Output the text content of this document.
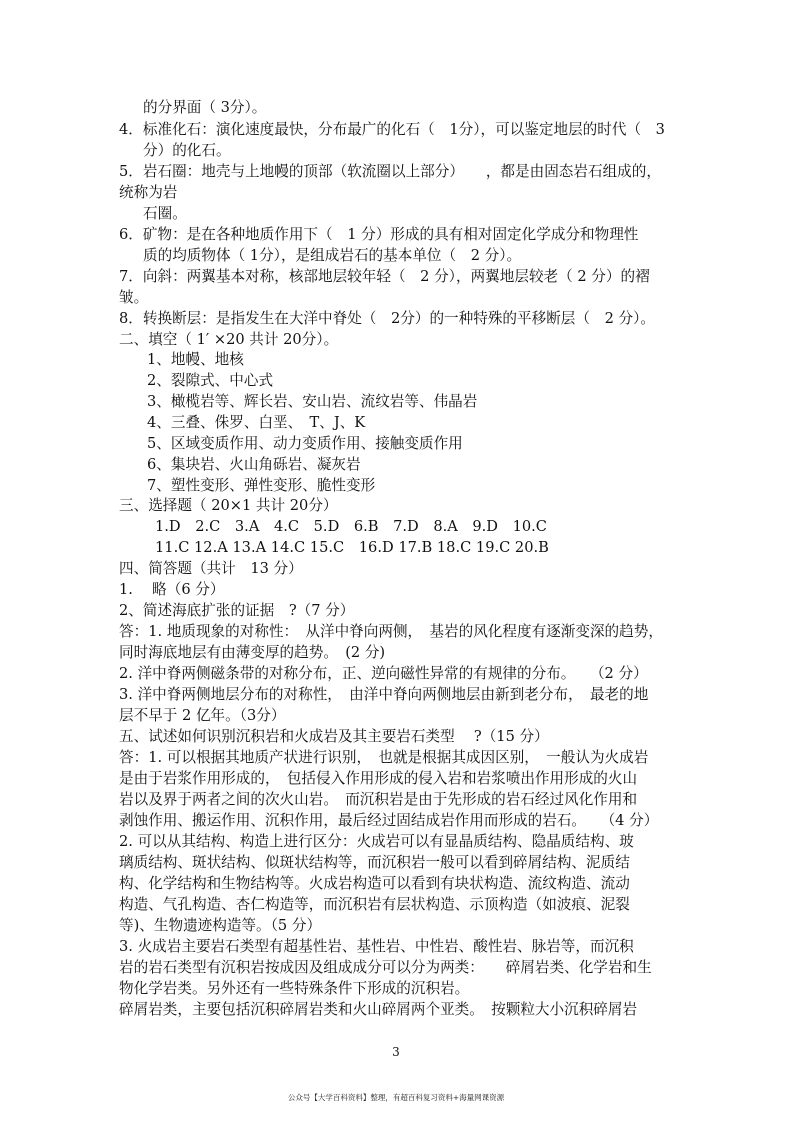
的分界面（ 3分）。
4．标准化石：演化速度最快，分布最广的化石（　1分），可以鉴定地层的时代（　3
分）的化石。
5．岩石圈：地壳与上地幔的顶部（软流圈以上部分）　　，都是由固态岩石组成的，
统称为岩
石圈。
6．矿物：是在各种地质作用下（　1 分）形成的具有相对固定化学成分和物理性
质的均质物体（ 1分），是组成岩石的基本单位（　2 分）。
7．向斜：两翼基本对称，核部地层较年轻（　2 分），两翼地层较老（ 2 分）的褶
皱。
8．转换断层：是指发生在大洋中脊处（　2分）的一种特殊的平移断层（　2 分）。
二、填空（ 1′ ×20 共计 20分）。
1、地幔、地核
2、裂隙式、中心式
3、橄榄岩等、辉长岩、安山岩、流纹岩等、伟晶岩
4、三叠、侏罗、白垩、　T、J、K
5、区域变质作用、动力变质作用、接触变质作用
6、集块岩、火山角砾岩、凝灰岩
7、塑性变形、弹性变形、脆性变形
三、选择题（ 20×1 共计 20分）
1.D　2.C　3.A　4.C　5.D　6.B　7.D　8.A　9.D　10.C
11.C 12.A 13.A 14.C 15.C　16.D 17.B 18.C 19.C 20.B
四、简答题（共计　13 分）
1.　 略（6 分）
2、简述海底扩张的证据　?（7 分）
答：1. 地质现象的对称性：　从洋中脊向两侧，　基岩的风化程度有逐渐变深的趋势，
同时海底地层有由薄变厚的趋势。　(2 分)
2. 洋中脊两侧磁条带的对称分布，正、逆向磁性异常的有规律的分布。　　（2 分）
3. 洋中脊两侧地层分布的对称性，　由洋中脊向两侧地层由新到老分布，　最老的地
层不早于 2 亿年。（3分）
五、试述如何识别沉积岩和火成岩及其主要岩石类型　 ?（15 分）
答：1. 可以根据其地质产状进行识别，　也就是根据其成因区别，　一般认为火成岩
是由于岩浆作用形成的，　包括侵入作用形成的侵入岩和岩浆喷出作用形成的火山
岩以及界于两者之间的次火山岩。　而沉积岩是由于先形成的岩石经过风化作用和
剥蚀作用、搬运作用、沉积作用，最后经过固结成岩作用而形成的岩石。　　（4 分）
2. 可以从其结构、构造上进行区分：火成岩可以有显晶质结构、隐晶质结构、玻
璃质结构、斑状结构、似斑状结构等，而沉积岩一般可以看到碎屑结构、泥质结
构、化学结构和生物结构等。火成岩构造可以看到有块状构造、流纹构造、流动
构造、气孔构造、杏仁构造等，而沉积岩有层状构造、示顶构造（如波痕、泥裂
等)、生物遗迹构造等。（5 分）
3. 火成岩主要岩石类型有超基性岩、基性岩、中性岩、酸性岩、脉岩等，而沉积
岩的岩石类型有沉积岩按成因及组成成分可以分为两类：　　碎屑岩类、化学岩和生
物化学岩类。另外还有一些特殊条件下形成的沉积岩。
碎屑岩类，主要包括沉积碎屑岩类和火山碎屑两个亚类。　按颗粒大小沉积碎屑岩
3
公众号【大学百科资料】整理，有超百科复习资料+海量网课资源
